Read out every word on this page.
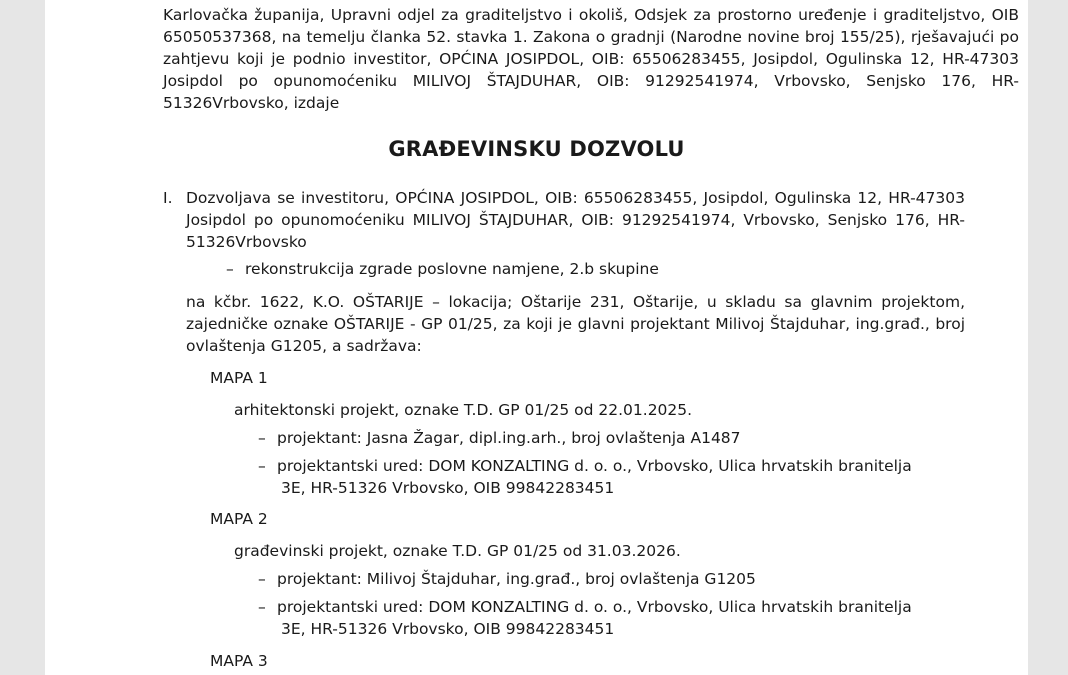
Karlovačka županija, Upravni odjel za graditeljstvo i okoliš, Odsjek za prostorno uređenje i graditeljstvo, OIB 65050537368, na temelju članka 52. stavka 1. Zakona o gradnji (Narodne novine broj 155/25), rješavajući po zahtjevu koji je podnio investitor, OPĆINA JOSIPDOL, OIB: 65506283455, Josipdol, Ogulinska 12, HR-47303 Josipdol po opunomoćeniku MILIVOJ ŠTAJDUHAR, OIB: 91292541974, Vrbovsko, Senjsko 176, HR-51326Vrbovsko, izdaje
GRAĐEVINSKU DOZVOLU
I. Dozvoljava se investitoru, OPĆINA JOSIPDOL, OIB: 65506283455, Josipdol, Ogulinska 12, HR-47303 Josipdol po opunomoćeniku MILIVOJ ŠTAJDUHAR, OIB: 91292541974, Vrbovsko, Senjsko 176, HR-51326Vrbovsko
– rekonstrukcija zgrade poslovne namjene, 2.b skupine
na kčbr. 1622, K.O. OŠTARIJE – lokacija; Oštarije 231, Oštarije, u skladu sa glavnim projektom, zajedničke oznake OŠTARIJE - GP 01/25, za koji je glavni projektant Milivoj Štajduhar, ing.građ., broj ovlaštenja G1205, a sadržava:
MAPA 1
arhitektonski projekt, oznake T.D. GP 01/25 od 22.01.2025.
– projektant: Jasna Žagar, dipl.ing.arh., broj ovlaštenja A1487
– projektantski ured: DOM KONZALTING d. o. o., Vrbovsko, Ulica hrvatskih branitelja
3E, HR-51326 Vrbovsko, OIB 99842283451
MAPA 2
građevinski projekt, oznake T.D. GP 01/25 od 31.03.2026.
– projektant: Milivoj Štajduhar, ing.građ., broj ovlaštenja G1205
– projektantski ured: DOM KONZALTING d. o. o., Vrbovsko, Ulica hrvatskih branitelja
3E, HR-51326 Vrbovsko, OIB 99842283451
MAPA 3
